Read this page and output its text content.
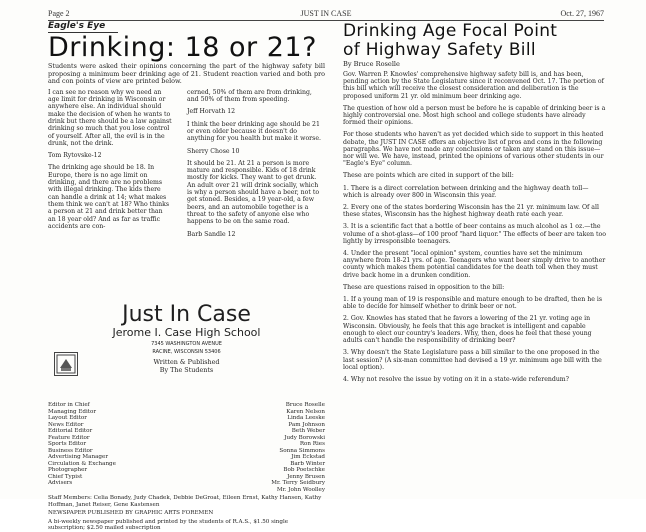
Page 2	JUST IN CASE	Oct. 27, 1967
Eagle's Eye
Drinking: 18 or 21?
Students were asked their opinions concerning the part of the highway safety bill proposing a minimum beer drinking age of 21. Student reaction varied and both pro and con points of view are printed below.

I can see no reason why we need an age limit for drinking in Wisconsin or anywhere else. An individual should make the decision of when he wants to drink but there should be a law against drinking so much that you lose control of yourself. After all, the evil is in the drunk, not the drink.

Tom Rytovske-12

The drinking age should be 18. In Europe, there is no age limit on drinking, and there are no problems with illegal drinking. The kids there can handle a drink at 14; what makes them think we can't at 18? Who thinks a person at 21 and drink better than an 18 year old? And as far as traffic accidents are con-

cerned, 50% of them are from drinking, and 50% of them from speeding.

Jeff Horvath 12

I think the beer drinking age should be 21 or even older because it doesn't do anything for you health but make it worse.

Sherry Chose 10

It should be 21. At 21 a person is more mature and responsible. Kids of 18 drink mostly for kicks. They want to get drunk. An adult over 21 will drink socially, which is why a person should have a beer, not to get stoned. Besides, a 19 year-old, a few beers, and an automobile together is a threat to the safety of anyone else who happens to be on the same road.

Barb Sandle 12

Just In Case
Jerome I. Case High School
7345 WASHINGTON AVENUE
RACINE, WISCONSIN 53406
Written & Published
By The Students
Editor in Chief	Bruce Roselle
Managing Editor	Karen Nelson
Layout Editor	Linda Leeske
News Editor	Pam Johnson
Editorial Editor	Beth Weber
Feature Editor	Judy Borowski
Sports Editor	Ron Ries
Business Editor	Sonna Simmons
Advertising Manager	Jim Eckstad
Circulation & Exchange	Barb Winter
Photographer	Bob Poetschke
Chief Typist	Jenny Brusen
Advisers	Mr. Terry Seidbury
Mr. John Woolley
Staff Members: Celia Bonady, Judy Chadek, Debbie DeGroat, Eileen Ernst, Kathy Hansen, Kathy Hoffman, Janet Reiser, Gene Kastensen
NEWSPAPER PUBLISHED BY GRAPHIC ARTS FOREMEN
A bi-weekly newspaper published and printed by the students of R.A.S., $1.50 single subscription; $2.50 mailed subscription
Drinking Age Focal Point
of Highway Safety Bill
By Bruce Roselle

Gov. Warren P. Knowles' comprehensive highway safety bill is, and has been, pending action by the State Legislature since it reconvened Oct. 17. The portion of this bill which will receive the closest consideration and deliberation is the proposed uniform 21 yr. old minimum beer drinking age.

The question of how old a person must be before he is capable of drinking beer is a highly controversial one. Most high school and college students have already formed their opinions.

For those students who haven't as yet decided which side to support in this heated debate, the JUST IN CASE offers an objective list of pros and cons in the following paragraphs. We have not made any conclusions or taken any stand on this issue—nor will we. We have, instead, printed the opinions of various other students in our "Eagle's Eye" column.

These are points which are cited in support of the bill:

1. There is a direct correlation between drinking and the highway death toll—which is already over 800 in Wisconsin this year.

2. Every one of the states bordering Wisconsin has the 21 yr. minimum law. Of all these states, Wisconsin has the highest highway death rate each year.

3. It is a scientific fact that a bottle of beer contains as much alcohol as 1 oz.—the volume of a shot-glass—of 100 proof "hard liquor." The effects of beer are taken too lightly by irresponsible teenagers.

4. Under the present "local opinion" system, counties have set the minimum anywhere from 18-21 yrs. of age. Teenagers who want beer simply drive to another county which makes them potential candidates for the death toll when they must drive back home in a drunken condition.

These are questions raised in opposition to the bill:

1. If a young man of 19 is responsible and mature enough to be drafted, then he is able to decide for himself whether to drink beer or not.

2. Gov. Knowles has stated that he favors a lowering of the 21 yr. voting age in Wisconsin. Obviously, he feels that this age bracket is intelligent and capable enough to elect our country's leaders. Why, then, does he feel that these young adults can't handle the responsibility of drinking beer?

3. Why doesn't the State Legislature pass a bill similar to the one proposed in the last session? (A six-man committee had devised a 19 yr. minimum age bill with the local option).

4. Why not resolve the issue by voting on it in a state-wide referendum?
